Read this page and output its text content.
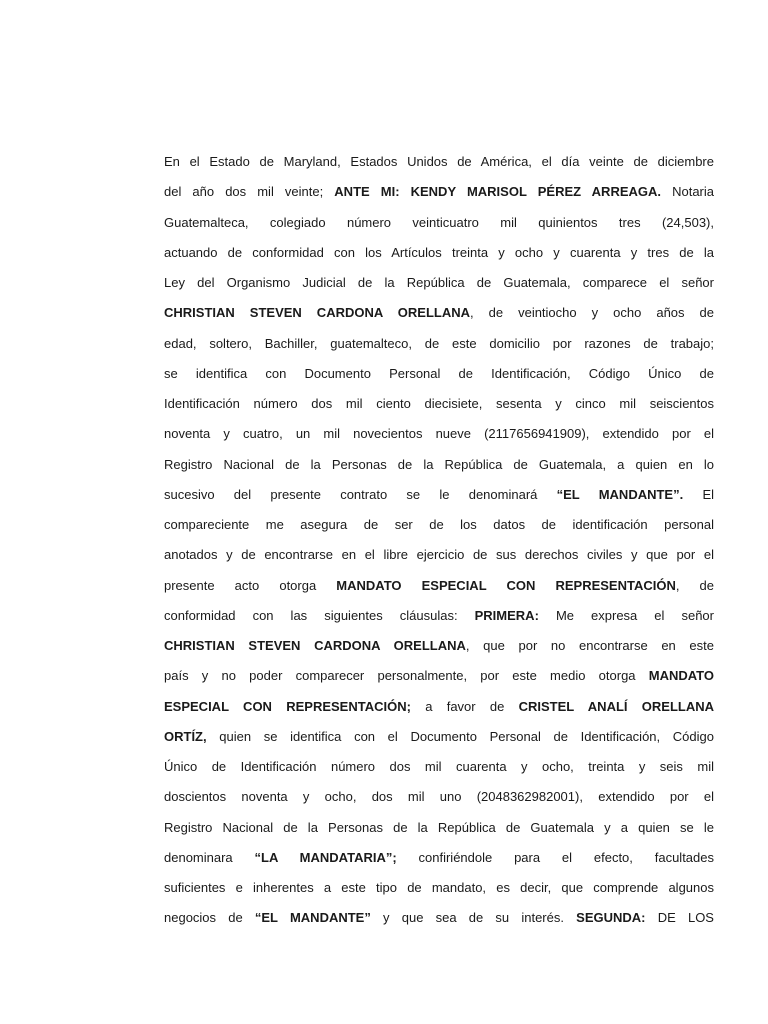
En el Estado de Maryland, Estados Unidos de América, el día veinte de diciembre
del año dos mil veinte; ANTE MI: KENDY MARISOL PÉREZ ARREAGA. Notaria
Guatemalteca, colegiado número veinticuatro mil quinientos tres (24,503),
actuando de conformidad con los Artículos treinta y ocho y cuarenta y tres de la
Ley del Organismo Judicial de la República de Guatemala, comparece el señor
CHRISTIAN STEVEN CARDONA ORELLANA, de veintiocho y ocho años de
edad, soltero, Bachiller, guatemalteco, de este domicilio por razones de trabajo;
se identifica con Documento Personal de Identificación, Código Único de
Identificación número dos mil ciento diecisiete, sesenta y cinco mil seiscientos
noventa y cuatro, un mil novecientos nueve (2117656941909), extendido por el
Registro Nacional de la Personas de la República de Guatemala, a quien en lo
sucesivo del presente contrato se le denominará “EL MANDANTE”. El
compareciente me asegura de ser de los datos de identificación personal
anotados y de encontrarse en el libre ejercicio de sus derechos civiles y que por el
presente acto otorga MANDATO ESPECIAL CON REPRESENTACIÓN, de
conformidad con las siguientes cláusulas: PRIMERA: Me expresa el señor
CHRISTIAN STEVEN CARDONA ORELLANA, que por no encontrarse en este
país y no poder comparecer personalmente, por este medio otorga MANDATO
ESPECIAL CON REPRESENTACIÓN; a favor de CRISTEL ANALÍ ORELLANA
ORTÍZ, quien se identifica con el Documento Personal de Identificación, Código
Único de Identificación número dos mil cuarenta y ocho, treinta y seis mil
doscientos noventa y ocho, dos mil uno (2048362982001), extendido por el
Registro Nacional de la Personas de la República de Guatemala y a quien se le
denominara “LA MANDATARIA”; confiriéndole para el efecto, facultades
suficientes e inherentes a este tipo de mandato, es decir, que comprende algunos
negocios de “EL MANDANTE” y que sea de su interés. SEGUNDA: DE LOS
